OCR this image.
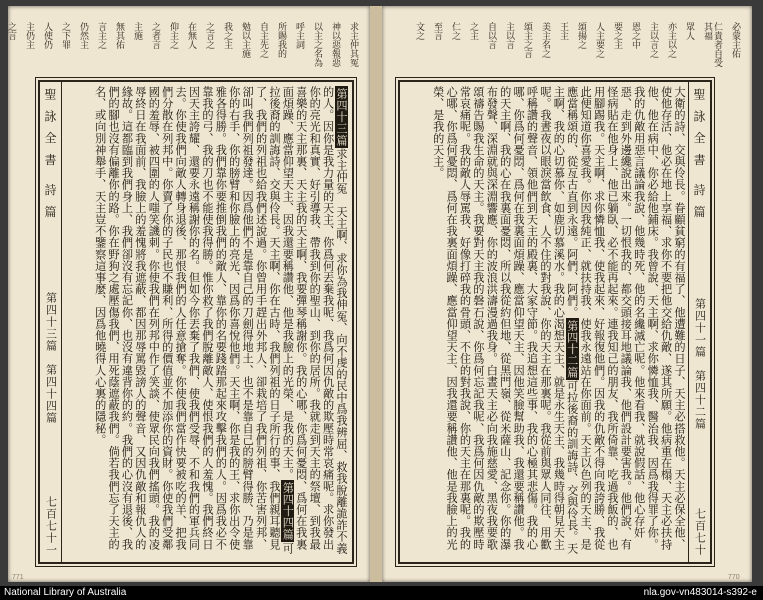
求主仲其冤
神以惡報惡
以主之名為
呼主詞
所賜我的
自主先之
勉以主施
我之主
之言之
在無人
仰主之
之者言
主施
無其佑
言主之
仍然主
之下罪
人使仍
主仍主
之言
聖 詠 全 書　詩 篇
第四十三篇　第四十四篇
七百七十一

第四十三篇求主仲冤　天主啊、求你為我伸冤、向不虔的民中爲我辨屈、救我脫離詭詐不義的人。因你是我力量的天主、你爲何丟棄我呢、我爲何因仇敵的欺壓時常哀痛呢。求你發出你的亮光和真實、好引導我、帶我到你的聖山、到你的居所。我就走到天主的祭壇、到我最喜樂的天主那裏、天主我的天主啊、我要彈琴稱謝你。我的心哪、你爲何憂悶、爲何在我裏面煩躁、應當仰望天主、因我還要稱讚他、他是我臉上的光榮、是我的天主。第四十四篇可拉後裔的訓誨詩、交與伶長。天主啊、你在古時、我們列祖的日子所行的事、我們親耳聽見了、我們的列祖也給我們述說過。你曾用手趕出外邦人、卻栽培了我們列祖、你苦害列邦、卻叫我們列祖發達。因爲他們不是靠自己的刀劍得地土、也不是靠自己的膀臂得勝、乃是靠你的右手、你的膀臂和你臉上的亮光、因爲你喜悅他們。天主啊、你是我的王、求你出令使雅各得勝。我們靠你要推倒我們的敵人、靠你的名要踐踏那起來攻擊我們的人。因爲我必不靠我的弓、我的刀也不能使我得勝。惟你救了我們脫離敵人、使恨我們的人羞愧。我們終日因天主誇耀、還要永遠稱謝你的名。但如今你丟棄了我們、使我們受辱、不和我們的軍兵同去。你使我們向敵人轉身退後、那恨我們的人任意搶奪。你使我們當作快要被吃的羊、把我們分散在列邦中。你賣了你的子民也不賺利、所得的價值並不加添你的資財。你使我們受鄰國的羞辱、被四圍的人嗤笑譏刺。你使我們在列邦中作了笑談、使眾民向我們搖頭。我的凌辱終日在我面前、我臉上的羞愧將我遮蔽、都因那辱罵毀謗人的聲音、又因仇敵和報仇人的緣故。這都臨到我們身上、我們卻沒有忘記你、也沒有違背你的約。我們的心沒有退後、我們的腳也沒有偏離你的路。你在野狗之處壓傷我們、用死蔭遮蔽我們。倘若我們忘了天主的名、或向別神舉手、天主豈不鑒察這事麼、因爲他曉得人心裏的隱秘。

771
必蒙主佑
仁貴者自受其福
眾人
亦主以之
主以言之
恩之中
要之主
人主要之
頌揚之
王主
美主名之
頌主之言
主以言
自以言
之主
仁之
至言
文之
聖 詠 全 書　詩 篇
第四十一篇　第四十二篇
七百七十

大衛的詩、交與伶長。眷顧貧窮的有福了、他遭難的日子、天主必搭救他。天主必保全他、使他存活、他必在地上享福、求你不要把他交給仇敵、遂其所願。他病重在榻、天主必扶持他、他在病中、你必給他鋪床。我曾說、天主啊、求你憐恤我、醫治我、因爲我得罪了你。我的仇敵用惡言議論我說、他幾時死、他的名纔滅亡呢。他來看我、就說假話、他心存奸惡、走到外邊纔說出來。一切恨我的、都交頭接耳地議論我、他們設計要害我。他們說、有怪病貼在他身上、他已躺臥、必不能再起來。連我知己的朋友、我所倚靠、吃過我飯的、也用腳踢我。天主啊、求你憐恤我、使我起來、好報復他們。因我的仇敵不得向我誇勝、我從此便知道你喜愛我。你因我純正、就扶持我、使我永遠站在你面前。天主以色列的天主、是應當稱頌的、從亙古直到永遠。阿們、阿們。第四十二篇可拉後裔的訓誨詩、交與伶長。天主啊、我的心切慕你、如鹿切慕溪水。我的心渴想天主、就是永生天主、我幾時得朝見天主呢。我晝夜以眼淚當飲食、人不住的對我說、你的天主在那裏呢。我從前與眾人同往、用歡呼稱讚的聲音、領他們到天主的殿裏、大家守節。我追想這些事、我的心極其悲傷。我的心哪、你爲何憂悶、爲何在我裏面煩躁、應當仰望天主、因他笑臉幫助我、我還要稱讚他。我的天主啊、我的心在我裏面憂悶、所以我從約但地、從黑門嶺、從米薩山、記念你。你的瀑布發聲、深淵就與深淵響應、你的波浪洪濤漫過我身。白晝天主必向我施慈愛、黑夜我要歌頌禱告賜我生命的天主。我要對天主我的磐石說、你爲何忘記我呢、我爲何因仇敵的欺壓時常哀痛呢。我的敵人辱罵我、好像打碎我的骨頭、不住的對我說、你的天主在那裏呢。我的心哪、你爲何憂悶、爲何在我裏面煩躁、應當仰望天主、因我還要稱讚他、他是我臉上的光榮、是我的天主。

770
National Library of Australia	nla.gov-vn483014-s392-e
